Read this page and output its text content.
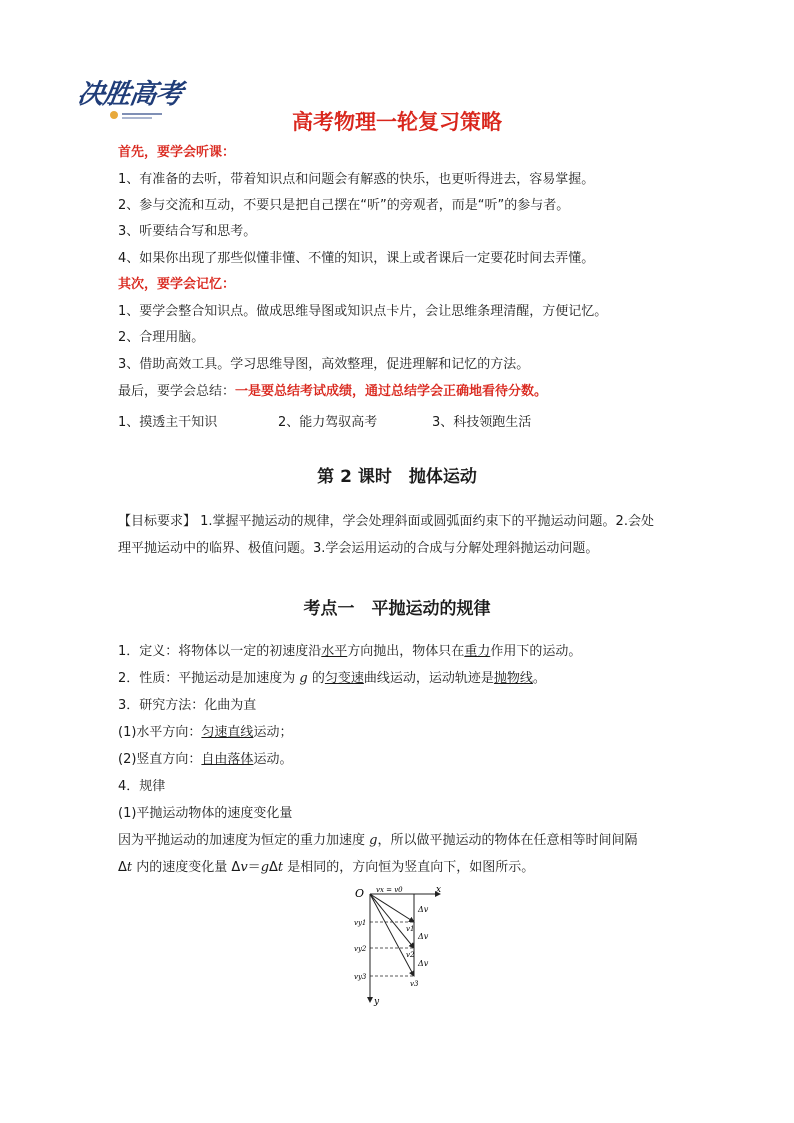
决胜高考
高考物理一轮复习策略
首先，要学会听课：
1、有准备的去听，带着知识点和问题会有解惑的快乐，也更听得进去，容易掌握。
2、参与交流和互动，不要只是把自己摆在“听”的旁观者，而是“听”的参与者。
3、听要结合写和思考。
4、如果你出现了那些似懂非懂、不懂的知识，课上或者课后一定要花时间去弄懂。
其次，要学会记忆：
1、要学会整合知识点。做成思维导图或知识点卡片，会让思维条理清醒，方便记忆。
2、合理用脑。
3、借助高效工具。学习思维导图，高效整理，促进理解和记忆的方法。
最后，要学会总结：一是要总结考试成绩，通过总结学会正确地看待分数。
1、摸透主干知识	2、能力驾驭高考	3、科技领跑生活
第 2 课时　抛体运动
【目标要求】 1.掌握平抛运动的规律，学会处理斜面或圆弧面约束下的平抛运动问题。2.会处
理平抛运动中的临界、极值问题。3.学会运用运动的合成与分解处理斜抛运动问题。
考点一　平抛运动的规律
1．定义：将物体以一定的初速度沿水平方向抛出，物体只在重力作用下的运动。
2．性质：平抛运动是加速度为 g 的匀变速曲线运动，运动轨迹是抛物线。
3．研究方法：化曲为直
(1)水平方向：匀速直线运动；
(2)竖直方向：自由落体运动。
4．规律
(1)平抛运动物体的速度变化量
因为平抛运动的加速度为恒定的重力加速度 g，所以做平抛运动的物体在任意相等时间间隔
Δt 内的速度变化量 Δv＝gΔt 是相同的，方向恒为竖直向下，如图所示。
O	x
y
vx = v0
Δv
Δv
Δv
vy1
vy2
vy3
v1
v2
v3
